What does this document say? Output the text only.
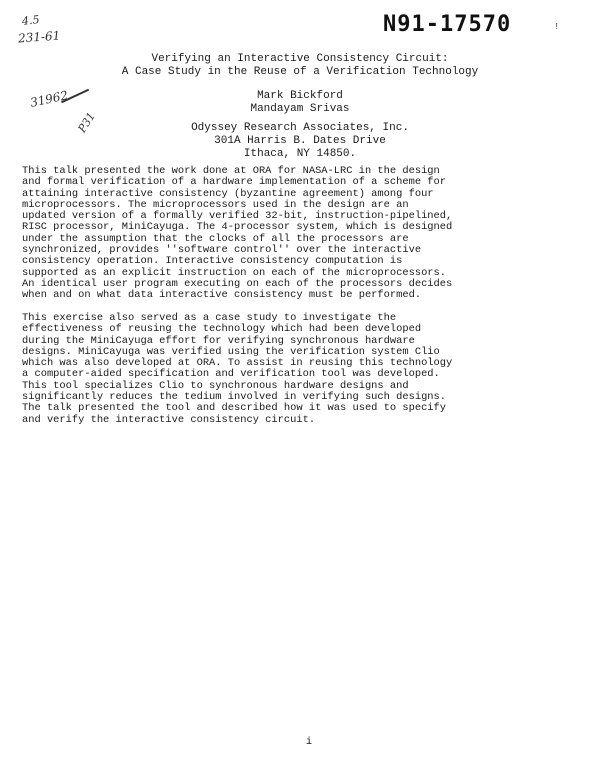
4.5
231-61
31962
P31
N91-17570	!
Verifying an Interactive Consistency Circuit:
A Case Study in the Reuse of a Verification Technology
Mark Bickford
Mandayam Srivas
Odyssey Research Associates, Inc.
301A Harris B. Dates Drive
Ithaca, NY 14850.
This talk presented the work done at ORA for NASA-LRC in the design
and formal verification of a hardware implementation of a scheme for
attaining interactive consistency (byzantine agreement) among four
microprocessors. The microprocessors used in the design are an
updated version of a formally verified 32-bit, instruction-pipelined,
RISC processor, MiniCayuga. The 4-processor system, which is designed
under the assumption that the clocks of all the processors are
synchronized, provides ''software control'' over the interactive
consistency operation. Interactive consistency computation is
supported as an explicit instruction on each of the microprocessors.
An identical user program executing on each of the processors decides
when and on what data interactive consistency must be performed.
This exercise also served as a case study to investigate the
effectiveness of reusing the technology which had been developed
during the MiniCayuga effort for verifying synchronous hardware
designs. MiniCayuga was verified using the verification system Clio
which was also developed at ORA. To assist in reusing this technology
a computer-aided specification and verification tool was developed.
This tool specializes Clio to synchronous hardware designs and
significantly reduces the tedium involved in verifying such designs.
The talk presented the tool and described how it was used to specify
and verify the interactive consistency circuit.
i
